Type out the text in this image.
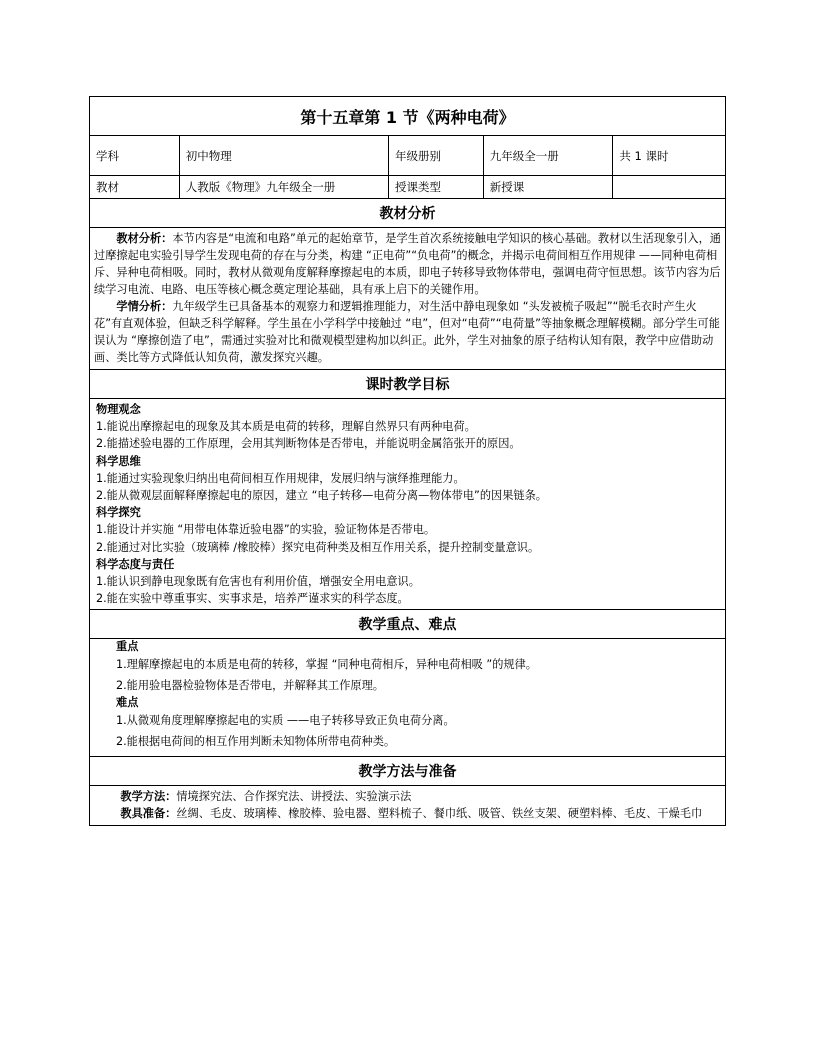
第十五章第 1 节《两种电荷》
学科	初中物理	年级册别	九年级全一册	共 1 课时
教材	人教版《物理》九年级全一册	授课类型	新授课
教材分析

教材分析：本节内容是“电流和电路”单元的起始章节，是学生首次系统接触电学知识的核心基础。教材以生活现象引入，通过摩擦起电实验引导学生发现电荷的存在与分类，构建 “正电荷”“负电荷”的概念，并揭示电荷间相互作用规律 ——同种电荷相斥、异种电荷相吸。同时，教材从微观角度解释摩擦起电的本质，即电子转移导致物体带电，强调电荷守恒思想。该节内容为后续学习电流、电路、电压等核心概念奠定理论基础，具有承上启下的关键作用。

学情分析：九年级学生已具备基本的观察力和逻辑推理能力，对生活中静电现象如 “头发被梳子吸起”“脱毛衣时产生火花”有直观体验，但缺乏科学解释。学生虽在小学科学中接触过 “电”，但对“电荷”“电荷量”等抽象概念理解模糊。部分学生可能误认为 “摩擦创造了电”，需通过实验对比和微观模型建构加以纠正。此外，学生对抽象的原子结构认知有限，教学中应借助动画、类比等方式降低认知负荷，激发探究兴趣。

课时教学目标

物理观念

1.能说出摩擦起电的现象及其本质是电荷的转移，理解自然界只有两种电荷。

2.能描述验电器的工作原理，会用其判断物体是否带电，并能说明金属箔张开的原因。

科学思维

1.能通过实验现象归纳出电荷间相互作用规律，发展归纳与演绎推理能力。

2.能从微观层面解释摩擦起电的原因，建立 “电子转移—电荷分离—物体带电”的因果链条。

科学探究

1.能设计并实施 “用带电体靠近验电器”的实验，验证物体是否带电。

2.能通过对比实验（玻璃棒 /橡胶棒）探究电荷种类及相互作用关系，提升控制变量意识。

科学态度与责任

1.能认识到静电现象既有危害也有利用价值，增强安全用电意识。

2.能在实验中尊重事实、实事求是，培养严谨求实的科学态度。

教学重点、难点

重点

1.理解摩擦起电的本质是电荷的转移，掌握 “同种电荷相斥，异种电荷相吸 ”的规律。

2.能用验电器检验物体是否带电，并解释其工作原理。

难点

1.从微观角度理解摩擦起电的实质 ——电子转移导致正负电荷分离。

2.能根据电荷间的相互作用判断未知物体所带电荷种类。

教学方法与准备

教学方法：情境探究法、合作探究法、讲授法、实验演示法

教具准备：丝绸、毛皮、玻璃棒、橡胶棒、验电器、塑料梳子、餐巾纸、吸管、铁丝支架、硬塑料棒、毛皮、干燥毛巾
